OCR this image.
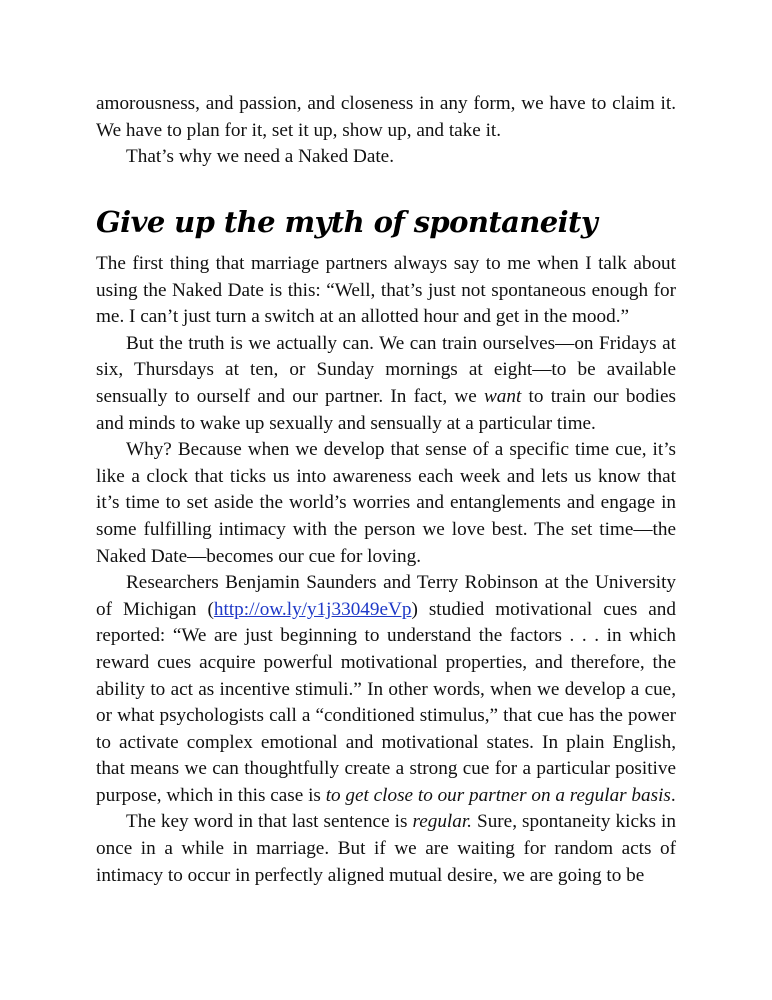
amorousness, and passion, and closeness in any form, we have to claim it. We have to plan for it, set it up, show up, and take it.

That’s why we need a Naked Date.

Give up the myth of spontaneity

The first thing that marriage partners always say to me when I talk about using the Naked Date is this: “Well, that’s just not spontaneous enough for me. I can’t just turn a switch at an allotted hour and get in the mood.”

But the truth is we actually can. We can train ourselves—on Fridays at six, Thursdays at ten, or Sunday mornings at eight—to be available sensually to ourself and our partner. In fact, we want to train our bodies and minds to wake up sexually and sensually at a particular time.

Why? Because when we develop that sense of a specific time cue, it’s like a clock that ticks us into awareness each week and lets us know that it’s time to set aside the world’s worries and entanglements and engage in some fulfilling intimacy with the person we love best. The set time—the Naked Date—becomes our cue for loving.

Researchers Benjamin Saunders and Terry Robinson at the University of Michigan (http://ow.ly/y1j33049eVp) studied motivational cues and reported: “We are just beginning to understand the factors . . . in which reward cues acquire powerful motivational properties, and therefore, the ability to act as incentive stimuli.” In other words, when we develop a cue, or what psychologists call a “conditioned stimulus,” that cue has the power to activate complex emotional and motivational states. In plain English, that means we can thoughtfully create a strong cue for a particular positive purpose, which in this case is to get close to our partner on a regular basis.

The key word in that last sentence is regular. Sure, spontaneity kicks in once in a while in marriage. But if we are waiting for random acts of intimacy to occur in perfectly aligned mutual desire, we are going to be
